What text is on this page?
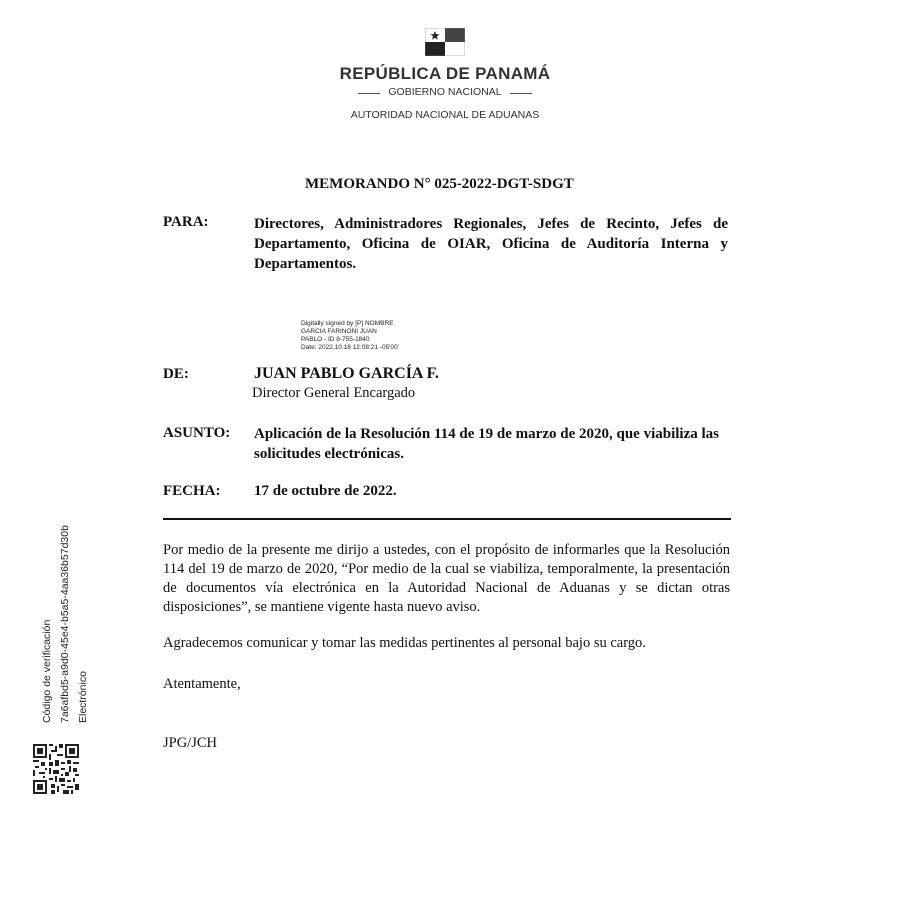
REPÚBLICA DE PANAMÁ
GOBIERNO NACIONAL
AUTORIDAD NACIONAL DE ADUANAS
MEMORANDO N° 025-2022-DGT-SDGT
PARA:	Directores, Administradores Regionales, Jefes de Recinto, Jefes de Departamento, Oficina de OIAR, Oficina de Auditoría Interna y Departamentos.
Digitally signed by [P] NOMBRE
GARCIA FARINONI JUAN
PABLO - ID 8-755-1840
Date: 2022.10.18 12:08:21 -05'00'
DE:	JUAN PABLO GARCÍA F.
Director General Encargado
ASUNTO: Aplicación de la Resolución 114 de 19 de marzo de 2020, que viabiliza las solicitudes electrónicas.
FECHA: 17 de octubre de 2022.
Por medio de la presente me dirijo a ustedes, con el propósito de informarles que la Resolución 114 del 19 de marzo de 2020, “Por medio de la cual se viabiliza, temporalmente, la presentación de documentos vía electrónica en la Autoridad Nacional de Aduanas y se dictan otras disposiciones”, se mantiene vigente hasta nuevo aviso.
Agradecemos comunicar y tomar las medidas pertinentes al personal bajo su cargo.
Atentamente,
JPG/JCH
Código de verificación 7a6afbd5-a9d0-45e4-b5a5-4aa36b57d30b Electrónico
